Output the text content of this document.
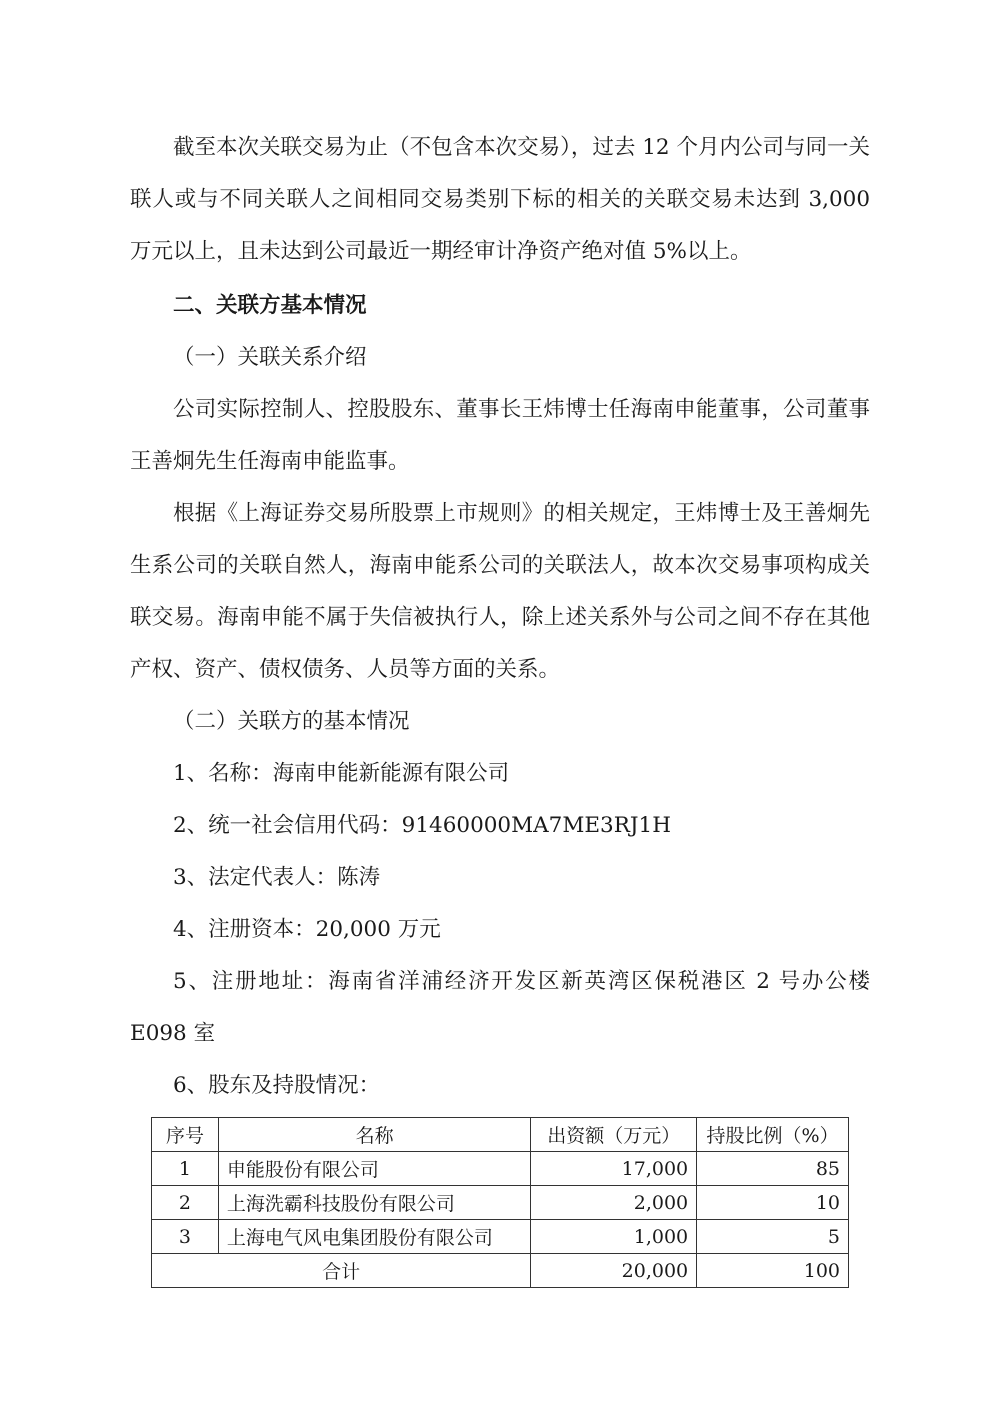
截至本次关联交易为止（不包含本次交易），过去 12 个月内公司与同一关联人或与不同关联人之间相同交易类别下标的相关的关联交易未达到 3,000 万元以上，且未达到公司最近一期经审计净资产绝对值 5%以上。

二、关联方基本情况

（一）关联关系介绍

公司实际控制人、控股股东、董事长王炜博士任海南申能董事，公司董事王善炯先生任海南申能监事。

根据《上海证券交易所股票上市规则》的相关规定，王炜博士及王善炯先生系公司的关联自然人，海南申能系公司的关联法人，故本次交易事项构成关联交易。海南申能不属于失信被执行人，除上述关系外与公司之间不存在其他产权、资产、债权债务、人员等方面的关系。

（二）关联方的基本情况

1、名称：海南申能新能源有限公司

2、统一社会信用代码：91460000MA7ME3RJ1H

3、法定代表人：陈涛

4、注册资本：20,000 万元

5、注册地址：海南省洋浦经济开发区新英湾区保税港区 2 号办公楼 E098 室

6、股东及持股情况：

序号	名称	出资额（万元）	持股比例（%）
1	申能股份有限公司	17,000	85
2	上海洗霸科技股份有限公司	2,000	10
3	上海电气风电集团股份有限公司	1,000	5
合计		20,000	100
